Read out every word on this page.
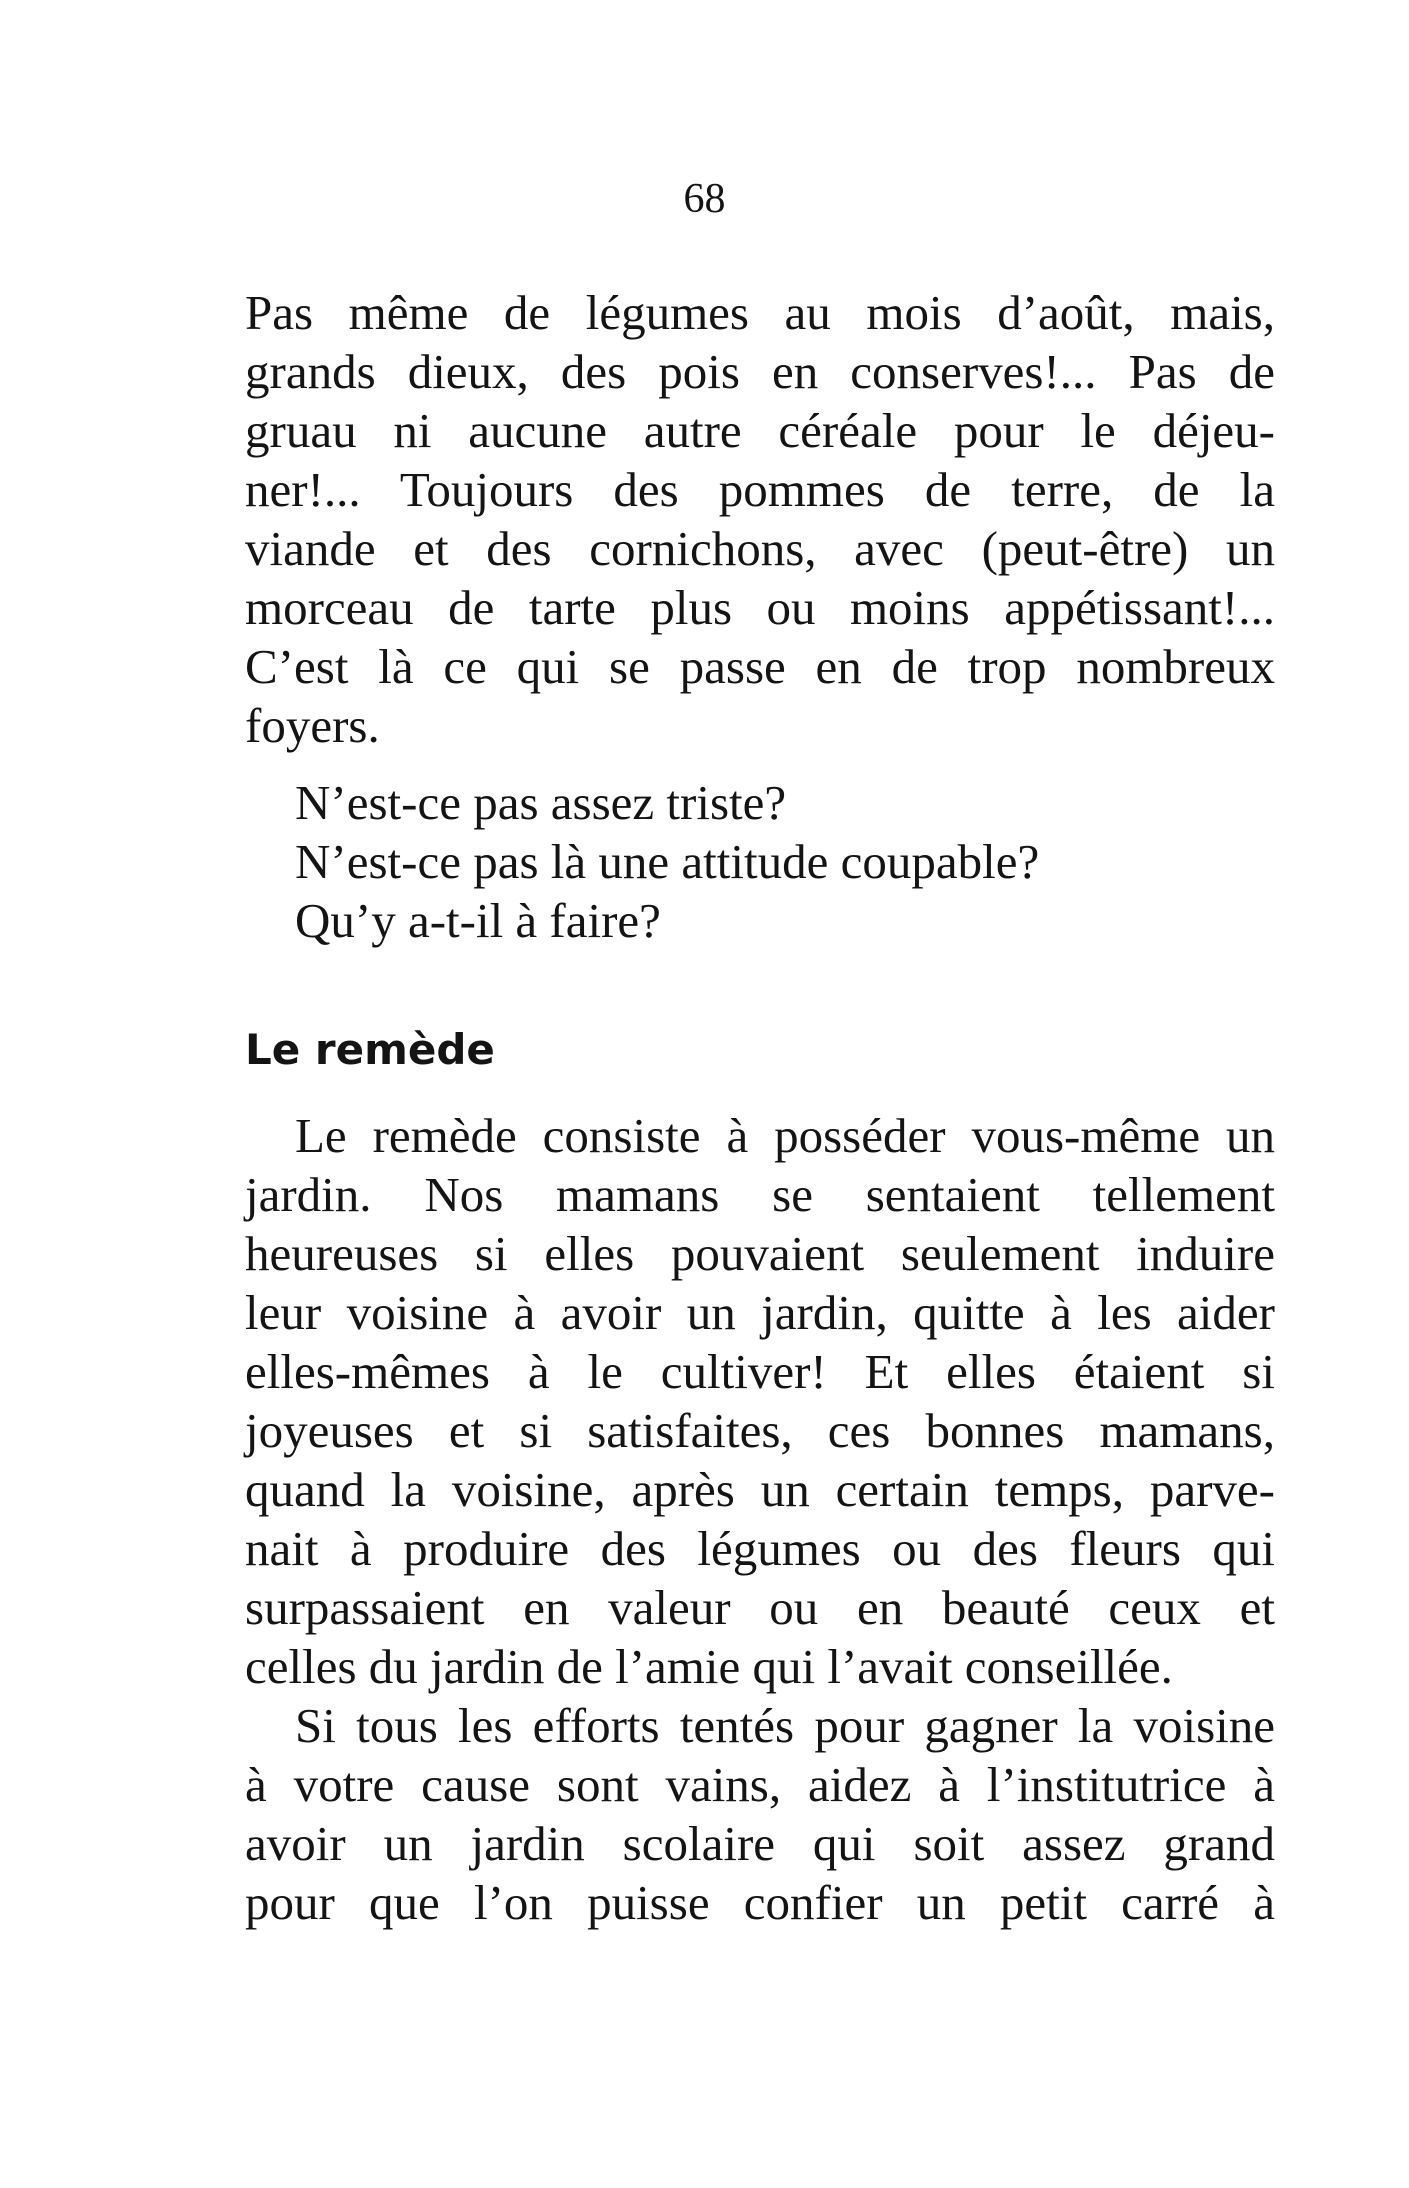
68
Pas même de légumes au mois d’août, mais,
grands dieux, des pois en conserves!... Pas de
gruau ni aucune autre céréale pour le déjeu-
ner!... Toujours des pommes de terre, de la
viande et des cornichons, avec (peut-être) un
morceau de tarte plus ou moins appétissant!...
C’est là ce qui se passe en de trop nombreux
foyers.
N’est-ce pas assez triste?
N’est-ce pas là une attitude coupable?
Qu’y a-t-il à faire?
Le remède
Le remède consiste à posséder vous-même un
jardin. Nos mamans se sentaient tellement
heureuses si elles pouvaient seulement induire
leur voisine à avoir un jardin, quitte à les aider
elles-mêmes à le cultiver! Et elles étaient si
joyeuses et si satisfaites, ces bonnes mamans,
quand la voisine, après un certain temps, parve-
nait à produire des légumes ou des fleurs qui
surpassaient en valeur ou en beauté ceux et
celles du jardin de l’amie qui l’avait conseillée.
Si tous les efforts tentés pour gagner la voisine
à votre cause sont vains, aidez à l’institutrice à
avoir un jardin scolaire qui soit assez grand
pour que l’on puisse confier un petit carré à
